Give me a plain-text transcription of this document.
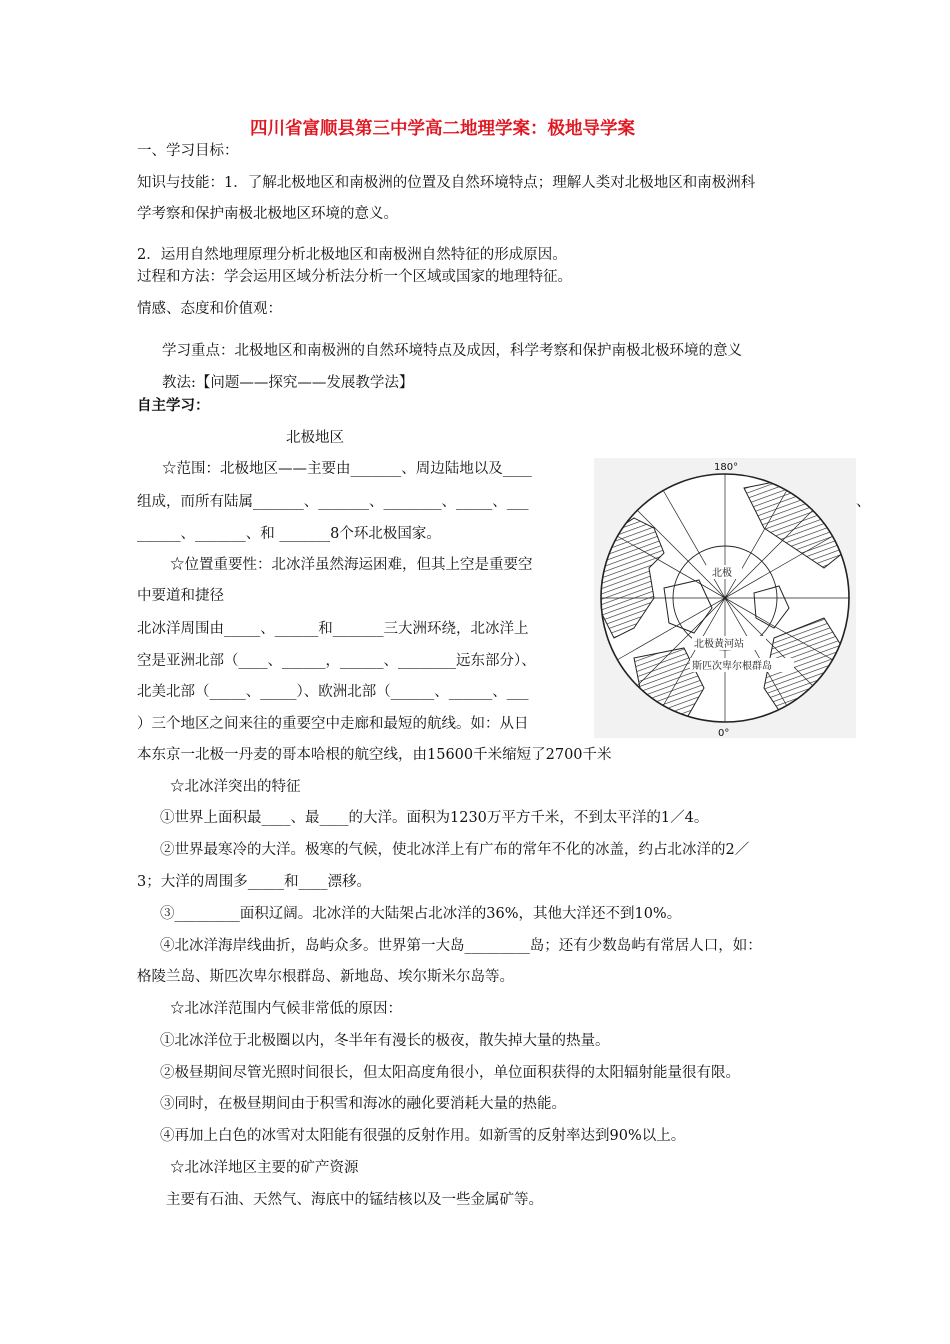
四川省富顺县第三中学高二地理学案：极地导学案
一、学习目标：
知识与技能：1．了解北极地区和南极洲的位置及自然环境特点；理解人类对北极地区和南极洲科
学考察和保护南极北极地区环境的意义。
2．运用自然地理原理分析北极地区和南极洲自然特征的形成原因。
过程和方法：学会运用区域分析法分析一个区域或国家的地理特征。
情感、态度和价值观：
学习重点：北极地区和南极洲的自然环境特点及成因，科学考察和保护南极北极环境的意义
教法:【问题——探究——发展教学法】
自主学习：
北极地区
☆范围：北极地区——主要由_______、周边陆地以及____
组成，而所有陆属_______、_______、________、_____、___	、
______、_______、和 _______8个环北极国家。
☆位置重要性：北冰洋虽然海运困难，但其上空是重要空
中要道和捷径
北冰洋周围由_____、______和_______三大洲环绕，北冰洋上
空是亚洲北部（____、______，______、________远东部分）、
北美北部（_____、_____）、欧洲北部（______、______、___
）三个地区之间来往的重要空中走廊和最短的航线。如：从日
本东京一北极一丹麦的哥本哈根的航空线，由15600千米缩短了2700千米
☆北冰洋突出的特征
①世界上面积最____、最____的大洋。面积为1230万平方千米，不到太平洋的1／4。
②世界最寒冷的大洋。极寒的气候，使北冰洋上有广布的常年不化的冰盖，约占北冰洋的2／
3；大洋的周围多_____和____漂移。
③_________面积辽阔。北冰洋的大陆架占北冰洋的36%，其他大洋还不到10%。
④北冰洋海岸线曲折，岛屿众多。世界第一大岛_________岛；还有少数岛屿有常居人口，如：
格陵兰岛、斯匹次卑尔根群岛、新地岛、埃尔斯米尔岛等。
☆北冰洋范围内气候非常低的原因：
①北冰洋位于北极圈以内，冬半年有漫长的极夜，散失掉大量的热量。
②极昼期间尽管光照时间很长，但太阳高度角很小，单位面积获得的太阳辐射能量很有限。
③同时，在极昼期间由于积雪和海冰的融化要消耗大量的热能。
④再加上白色的冰雪对太阳能有很强的反射作用。如新雪的反射率达到90%以上。
☆北冰洋地区主要的矿产资源
主要有石油、天然气、海底中的锰结核以及一些金属矿等。
180°
0°
北极
北极黄河站
斯匹次卑尔根群岛
